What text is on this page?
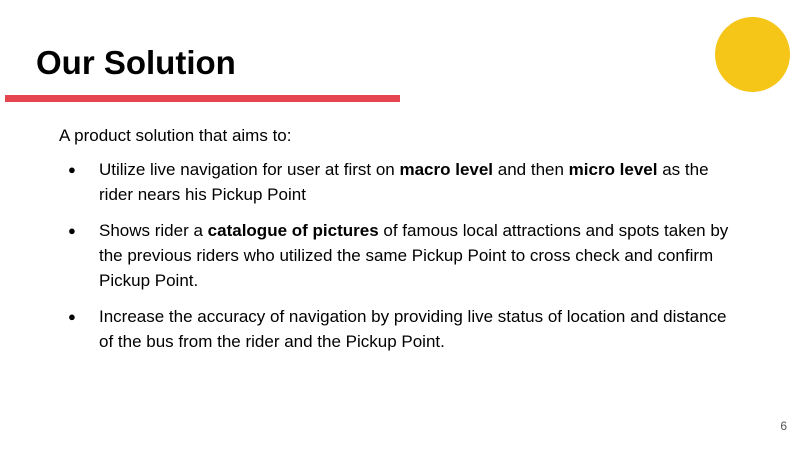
Our Solution

A product solution that aims to:

● Utilize live navigation for user at first on macro level and then micro level as the rider nears his Pickup Point
● Shows rider a catalogue of pictures of famous local attractions and spots taken by the previous riders who utilized the same Pickup Point to cross check and confirm Pickup Point.
● Increase the accuracy of navigation by providing live status of location and distance of the bus from the rider and the Pickup Point.
6
